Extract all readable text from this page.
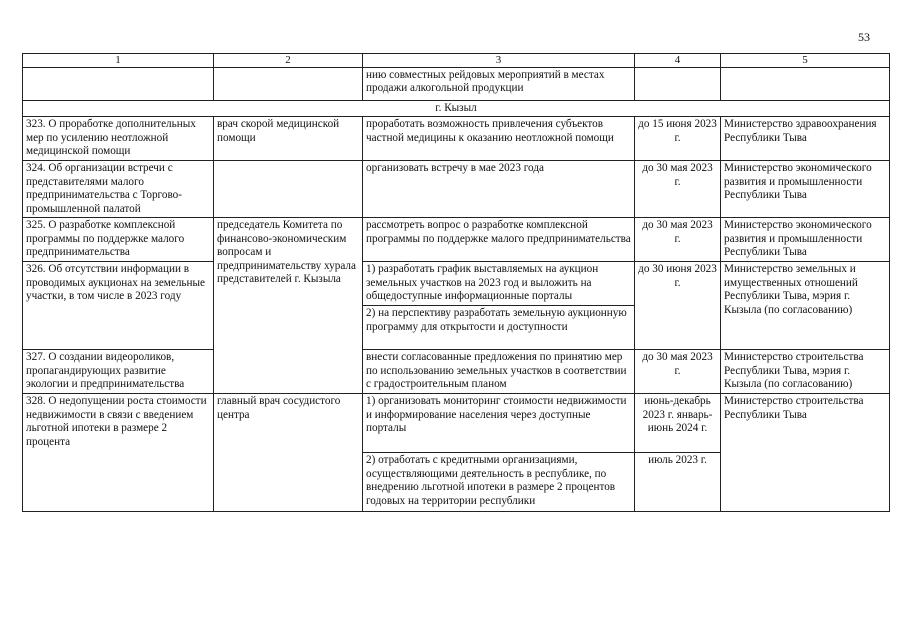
53
1	2	3	4	5
		нию совместных рейдовых мероприятий в местах продажи алкогольной продукции		
г. Кызыл				
323. О проработке дополнительных мер по усилению неотложной медицинской помощи	врач скорой медицинской помощи	проработать возможность привлечения субъектов частной медицины к оказанию неотложной помощи	до 15 июня 2023 г.	Министерство здравоохранения Республики Тыва
324. Об организации встречи с представителями малого предпринимательства с Торгово-промышленной палатой		организовать встречу в мае 2023 года	до 30 мая 2023 г.	Министерство экономического развития и промышленности Республики Тыва
325. О разработке комплексной программы по поддержке малого предпринимательства	председатель Комитета по финансово-экономическим вопросам и предпринимательству хурала представителей г. Кызыла	рассмотреть вопрос о разработке комплексной программы по поддержке малого предпринимательства	до 30 мая 2023 г.	Министерство экономического развития и промышленности Республики Тыва
326. Об отсутствии информации в проводимых аукционах на земельные участки, в том числе в 2023 году		1) разработать график выставляемых на аукцион земельных участков на 2023 год и выложить на общедоступные информационные порталы	до 30 июня 2023 г.	Министерство земельных и имущественных отношений Республики Тыва, мэрия г. Кызыла (по согласованию)
		2) на перспективу разработать земельную аукционную программу для открытости и доступности		
327. О создании видеороликов, пропагандирующих развитие экологии и предпринимательства		внести согласованные предложения по принятию мер по использованию земельных участков в соответствии с градостроительным планом	до 30 мая 2023 г.	Министерство строительства Республики Тыва, мэрия г. Кызыла (по согласованию)
328. О недопущении роста стоимости недвижимости в связи с введением льготной ипотеки в размере 2 процента	главный врач сосудистого центра	1) организовать мониторинг стоимости недвижимости и информирование населения через доступные порталы	июнь-декабрь 2023 г. январь-июнь 2024 г.	Министерство строительства Республики Тыва
		2) отработать с кредитными организациями, осуществляющими деятельность в республике, по внедрению льготной ипотеки в размере 2 процентов годовых на территории республики	июль 2023 г.	
